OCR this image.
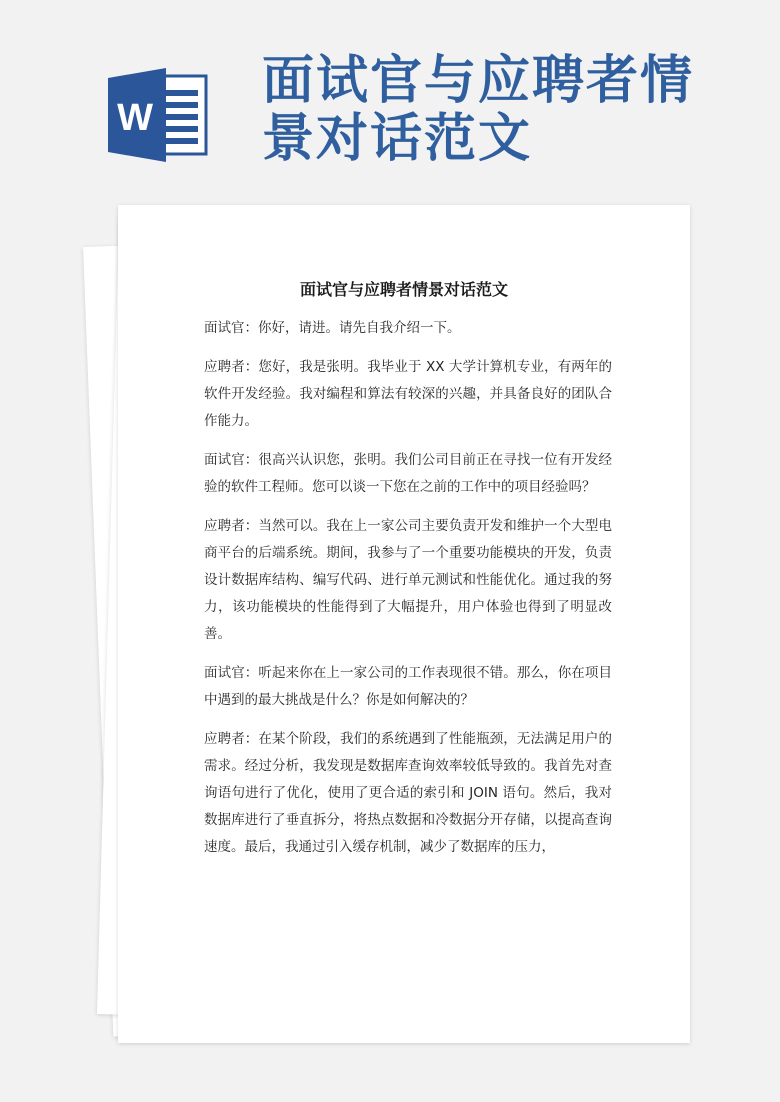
W
面试官与应聘者情
景对话范文
面试官与应聘者情景对话范文

面试官：你好，请进。请先自我介绍一下。

应聘者：您好，我是张明。我毕业于 XX 大学计算机专业，有两年的软件开发经验。我对编程和算法有较深的兴趣，并具备良好的团队合作能力。

面试官：很高兴认识您，张明。我们公司目前正在寻找一位有开发经验的软件工程师。您可以谈一下您在之前的工作中的项目经验吗？

应聘者：当然可以。我在上一家公司主要负责开发和维护一个大型电商平台的后端系统。期间，我参与了一个重要功能模块的开发，负责设计数据库结构、编写代码、进行单元测试和性能优化。通过我的努力，该功能模块的性能得到了大幅提升，用户体验也得到了明显改善。

面试官：听起来你在上一家公司的工作表现很不错。那么，你在项目中遇到的最大挑战是什么？你是如何解决的？

应聘者：在某个阶段，我们的系统遇到了性能瓶颈，无法满足用户的需求。经过分析，我发现是数据库查询效率较低导致的。我首先对查询语句进行了优化，使用了更合适的索引和 JOIN 语句。然后，我对数据库进行了垂直拆分，将热点数据和冷数据分开存储，以提高查询速度。最后，我通过引入缓存机制，减少了数据库的压力，
